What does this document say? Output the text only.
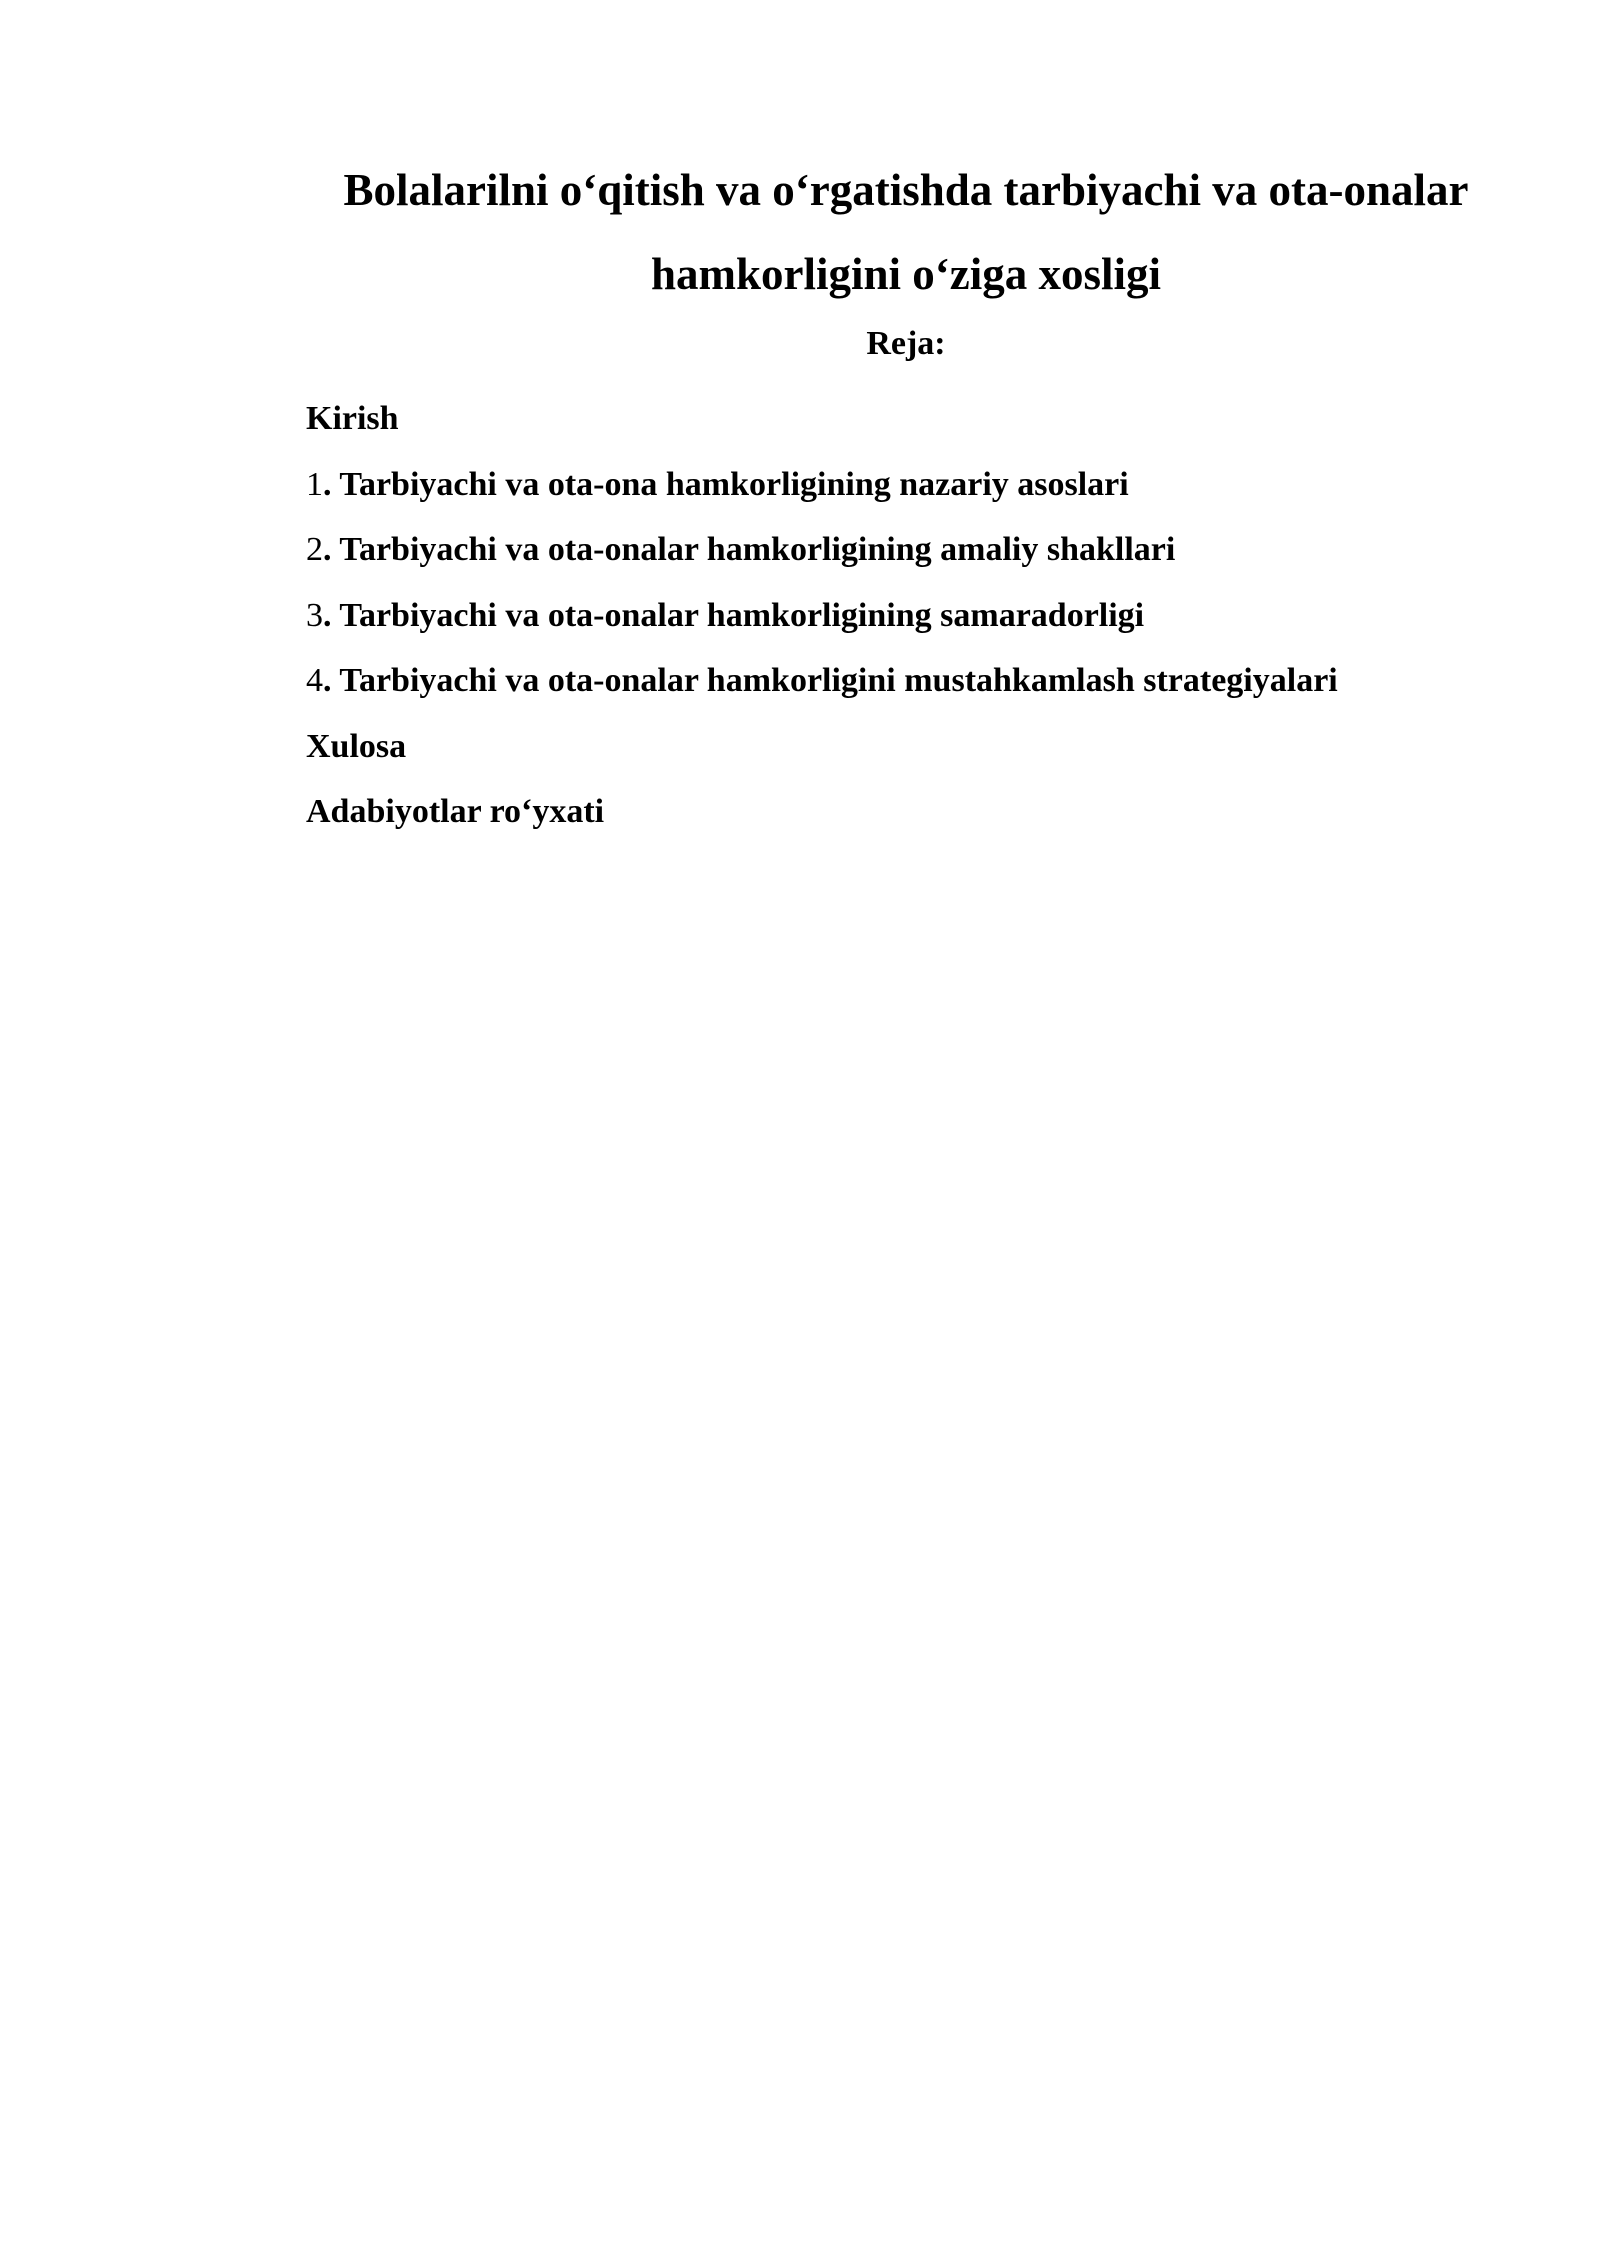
Bolalarilni o‘qitish va o‘rgatishda tarbiyachi va ota-onalar hamkorligini o‘ziga xosligi

Reja:

Kirish
1. Tarbiyachi va ota-ona hamkorligining nazariy asoslari
2. Tarbiyachi va ota-onalar hamkorligining amaliy shakllari
3. Tarbiyachi va ota-onalar hamkorligining samaradorligi
4. Tarbiyachi va ota-onalar hamkorligini mustahkamlash strategiyalari
Xulosa
Adabiyotlar ro‘yxati
